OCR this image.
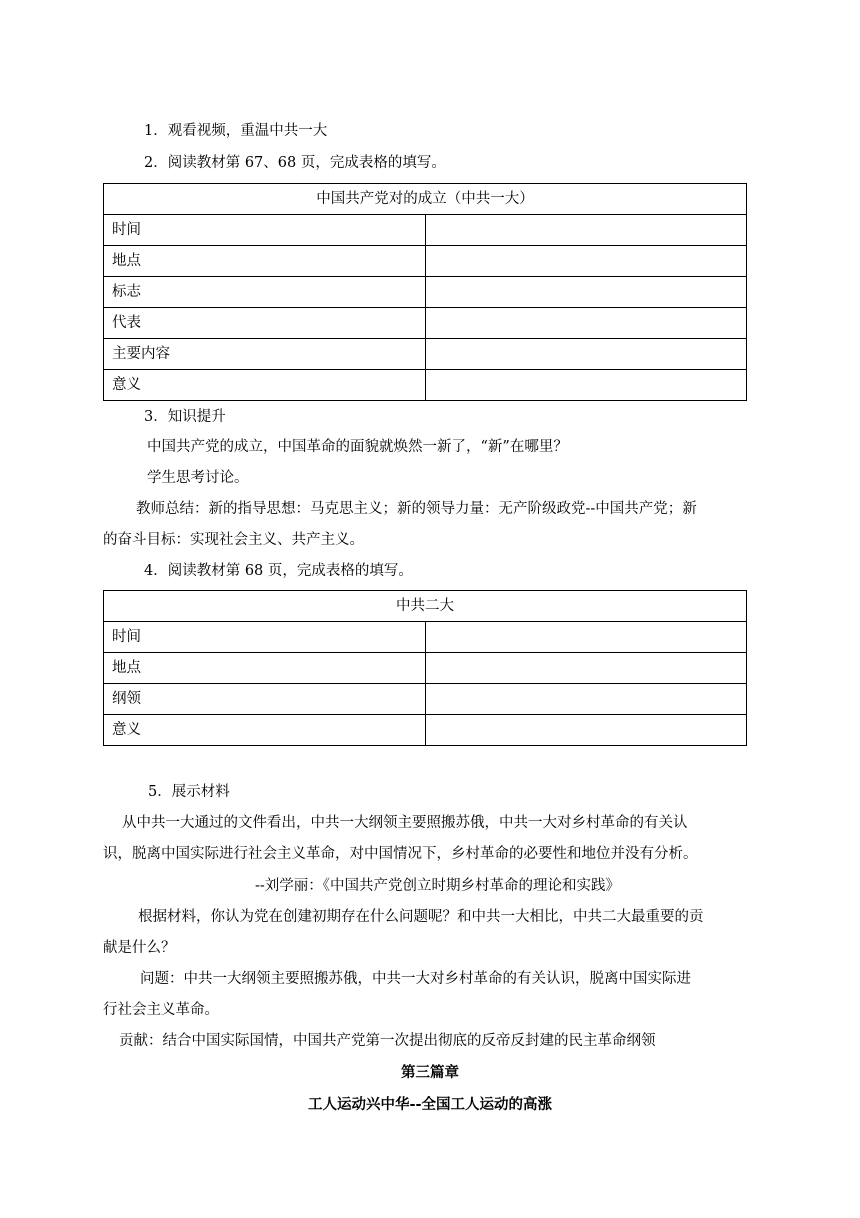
1．观看视频，重温中共一大
2．阅读教材第 67、68 页，完成表格的填写。
中国共产党对的成立（中共一大）	
时间	
地点	
标志	
代表	
主要内容	
意义	
3．知识提升
中国共产党的成立，中国革命的面貌就焕然一新了，“新”在哪里？
学生思考讨论。
教师总结：新的指导思想：马克思主义；新的领导力量：无产阶级政党--中国共产党；新
的奋斗目标：实现社会主义、共产主义。
4．阅读教材第 68 页，完成表格的填写。
中共二大	
时间	
地点	
纲领	
意义	
5．展示材料
从中共一大通过的文件看出，中共一大纲领主要照搬苏俄，中共一大对乡村革命的有关认
识，脱离中国实际进行社会主义革命，对中国情况下，乡村革命的必要性和地位并没有分析。
--刘学丽：《中国共产党创立时期乡村革命的理论和实践》
根据材料，你认为党在创建初期存在什么问题呢？和中共一大相比，中共二大最重要的贡
献是什么？
问题：中共一大纲领主要照搬苏俄，中共一大对乡村革命的有关认识，脱离中国实际进
行社会主义革命。
贡献：结合中国实际国情，中国共产党第一次提出彻底的反帝反封建的民主革命纲领
第三篇章
工人运动兴中华--全国工人运动的高涨
